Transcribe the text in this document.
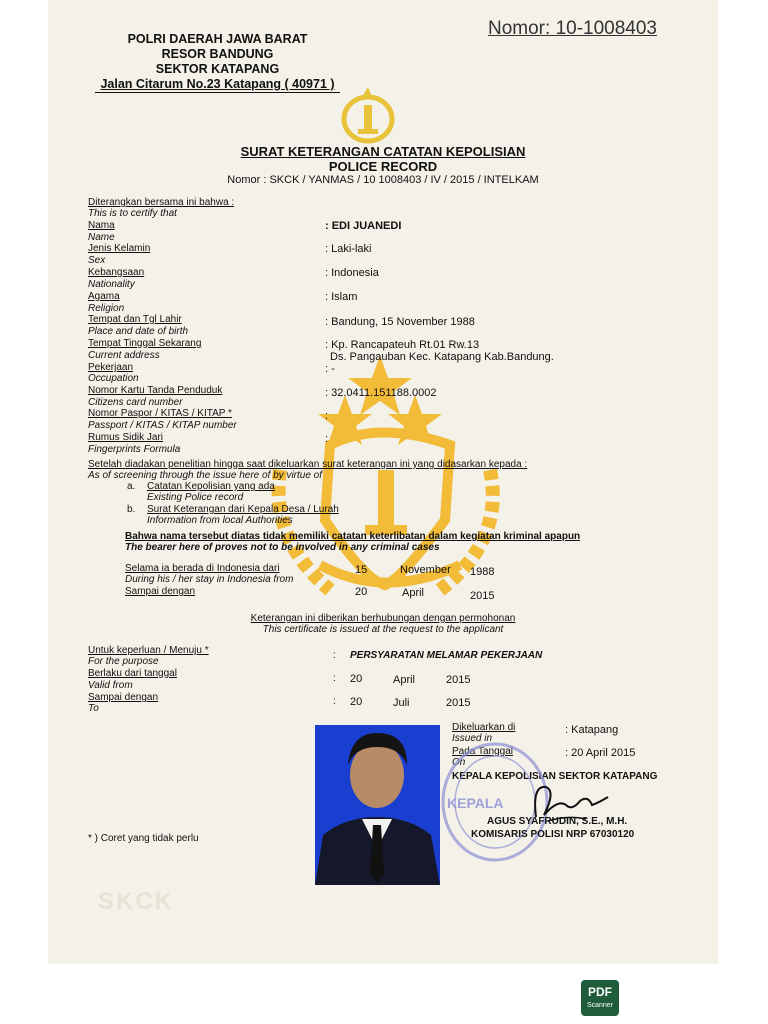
POLRI DAERAH JAWA BARAT
RESOR BANDUNG
SEKTOR KATAPANG
Jalan Citarum No.23 Katapang ( 40971 )
Nomor: 10-1008403
SURAT KETERANGAN CATATAN KEPOLISIAN
POLICE RECORD
Nomor : SKCK / YANMAS / 10 1008403 / IV / 2015 / INTELKAM
Diterangkan bersama ini bahwa :
This is to certify that
Nama
Name
: EDI JUANEDI
Jenis Kelamin
Sex
: Laki-laki
Kebangsaan
Nationality
: Indonesia
Agama
Religion
: Islam
Tempat dan Tgl Lahir
Place and date of birth
: Bandung, 15 November 1988
Tempat Tinggal Sekarang
Current address
: Kp. Rancapateuh Rt.01 Rw.13
Ds. Pangauban Kec. Katapang Kab.Bandung.
Pekerjaan
Occupation
: -
Nomor Kartu Tanda Penduduk
Citizens card number
: 32.0411.151188.0002
Nomor Paspor / KITAS / KITAP *
Passport / KITAS / KITAP number
:
Rumus Sidik Jari
Fingerprints Formula
:
Setelah diadakan penelitian hingga saat dikeluarkan surat keterangan ini yang didasarkan kepada :
As of screening through the issue here of by virtue of
a. Catatan Kepolisian yang ada
Existing Police record
b. Surat Keterangan dari Kepala Desa / Lurah
Information from local Authorities
Bahwa nama tersebut diatas tidak memiliki catatan keterlibatan dalam kegiatan kriminal apapun
The bearer here of proves not to be involved in any criminal cases
Selama ia berada di Indonesia dari
During his / her stay in Indonesia from
Sampai dengan
15	November 1988
20	April	2015
Keterangan ini diberikan berhubungan dengan permohonan
This certificate is issued at the request to the applicant
Untuk keperluan / Menuju *
For the purpose
: PERSYARATAN MELAMAR PEKERJAAN
Berlaku dari tanggal
Valid from
: 20	April	2015
Sampai dengan
To
: 20	Juli	2015
Dikeluarkan di
Issued in
: Katapang
Pada Tanggal
On
: 20 April 2015
KEPALA KEPOLISIAN SEKTOR KATAPANG
KEPALA
AGUS SYAFRUDIN, S.E., M.H.
KOMISARIS POLISI NRP 67030120
* ) Coret yang tidak perlu
SKCK
PDF
Scanner
